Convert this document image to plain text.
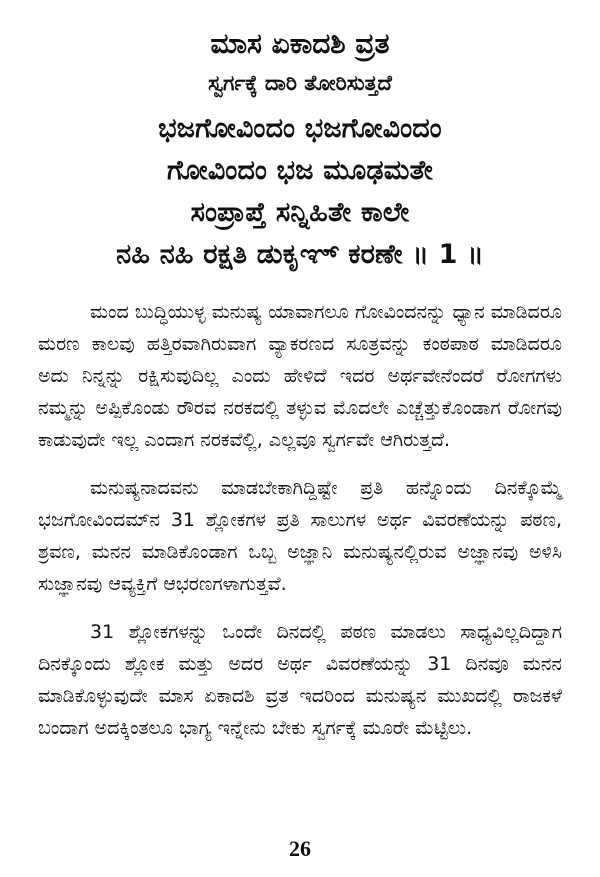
ಮಾಸ ಏಕಾದಶಿ ವ್ರತ
ಸ್ವರ್ಗಕ್ಕೆ ದಾರಿ ತೋರಿಸುತ್ತದೆ
ಭಜಗೋವಿಂದಂ ಭಜಗೋವಿಂದಂ
ಗೋವಿಂದಂ ಭಜ ಮೂಢಮತೇ
ಸಂಪ್ರಾಪ್ತೆ ಸನ್ನಿಹಿತೇ ಕಾಲೇ
ನಹಿ ನಹಿ ರಕ್ಷತಿ ಡುಕೃಞ್ ಕರಣೇ ॥ 1 ॥

ಮಂದ ಬುದ್ಧಿಯುಳ್ಳ ಮನುಷ್ಯ ಯಾವಾಗಲೂ ಗೋವಿಂದನನ್ನು ಧ್ಯಾನ ಮಾಡಿದರೂ ಮರಣ ಕಾಲವು ಹತ್ತಿರವಾಗಿರುವಾಗ ವ್ಯಾಕರಣದ ಸೂತ್ರವನ್ನು ಕಂಠಪಾಠ ಮಾಡಿದರೂ ಅದು ನಿನ್ನನ್ನು ರಕ್ಷಿಸುವುದಿಲ್ಲ ಎಂದು ಹೇಳಿದೆ ಇದರ ಅರ್ಥವೇನೆಂದರೆ ರೋಗಗಳು ನಮ್ಮನ್ನು ಅಪ್ಪಿಕೊಂಡು ರೌರವ ನರಕದಲ್ಲಿ ತಳ್ಳುವ ಮೊದಲೇ ಎಚ್ಚೆತ್ತುಕೊಂಡಾಗ ರೋಗವು ಕಾಡುವುದೇ ಇಲ್ಲ ಎಂದಾಗ ನರಕವೆಲ್ಲಿ, ಎಲ್ಲವೂ ಸ್ವರ್ಗವೇ ಆಗಿರುತ್ತದೆ.

ಮನುಷ್ಯನಾದವನು ಮಾಡಬೇಕಾಗಿದ್ದಿಷ್ಟೇ ಪ್ರತಿ ಹನ್ನೊಂದು ದಿನಕ್ಕೊಮ್ಮೆ ಭಜಗೋವಿಂದಮ್‌ನ 31 ಶ್ಲೋಕಗಳ ಪ್ರತಿ ಸಾಲುಗಳ ಅರ್ಥ ವಿವರಣೆಯನ್ನು ಪಠಣ, ಶ್ರವಣ, ಮನನ ಮಾಡಿಕೊಂಡಾಗ ಒಬ್ಬ ಅಜ್ಞಾನಿ ಮನುಷ್ಯನಲ್ಲಿರುವ ಅಜ್ಞಾನವು ಅಳಿಸಿ ಸುಜ್ಞಾನವು ಆವ್ಯಕ್ತಿಗೆ ಆಭರಣಗಳಾಗುತ್ತವೆ.

31 ಶ್ಲೋಕಗಳನ್ನು ಒಂದೇ ದಿನದಲ್ಲಿ ಪಠಣ ಮಾಡಲು ಸಾಧ್ಯವಿಲ್ಲದಿದ್ದಾಗ ದಿನಕ್ಕೊಂದು ಶ್ಲೋಕ ಮತ್ತು ಅದರ ಅರ್ಥ ವಿವರಣೆಯನ್ನು 31 ದಿನವೂ ಮನನ ಮಾಡಿಕೊಳ್ಳುವುದೇ ಮಾಸ ಏಕಾದಶಿ ವ್ರತ ಇದರಿಂದ ಮನುಷ್ಯನ ಮುಖದಲ್ಲಿ ರಾಜಕಳೆ ಬಂದಾಗ ಅದಕ್ಕಿಂತಲೂ ಭಾಗ್ಯ ಇನ್ನೇನು ಬೇಕು ಸ್ವರ್ಗಕ್ಕೆ ಮೂರೇ ಮೆಟ್ಟಿಲು.

26
